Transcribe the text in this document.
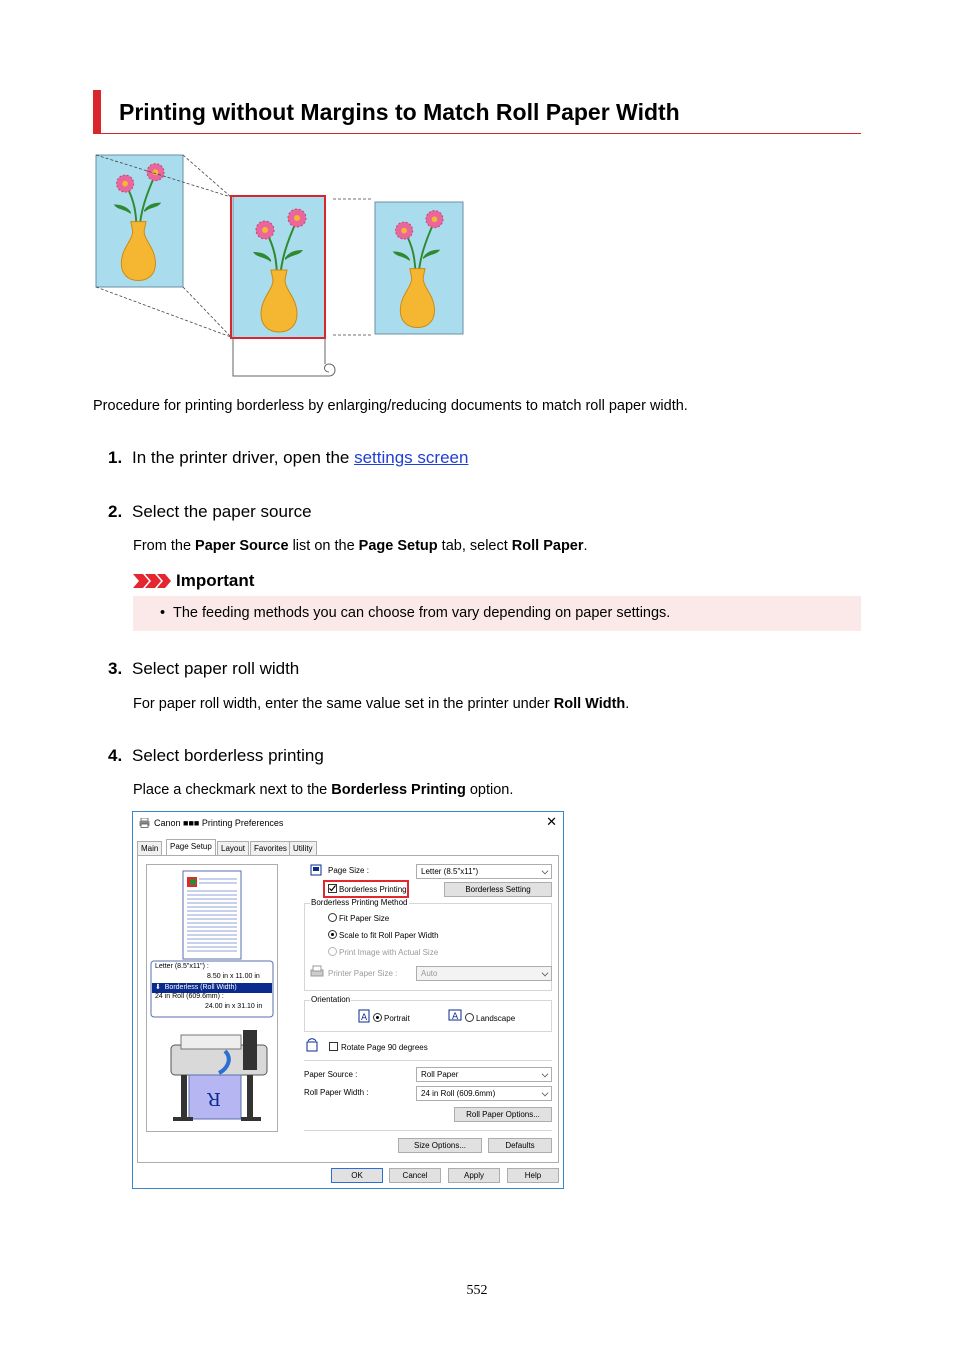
Printing without Margins to Match Roll Paper Width
Procedure for printing borderless by enlarging/reducing documents to match roll paper width.
1. In the printer driver, open the settings screen
2. Select the paper source
From the Paper Source list on the Page Setup tab, select Roll Paper.
Important
• The feeding methods you can choose from vary depending on paper settings.
3. Select paper roll width
For paper roll width, enter the same value set in the printer under Roll Width.
4. Select borderless printing
Place a checkmark next to the Borderless Printing option.
Canon ■■■ Printing Preferences	✕
Main	Page Setup	Layout	Favorites Utility
R
Letter (8.5"x11") :
8.50 in x 11.00 in
⬇  Borderless (Roll Width)
24 in Roll (609.6mm) :
24.00 in x 31.10 in
Page Size :	Letter (8.5"x11")
Borderless Printing	Borderless Setting
Borderless Printing Method
Fit Paper Size
Scale to fit Roll Paper Width
Print Image with Actual Size
Printer Paper Size :	Auto
Orientation
A Portrait	A Landscape
Rotate Page 90 degrees
Paper Source :	Roll Paper
Roll Paper Width :	24 in Roll (609.6mm)
Roll Paper Options...
Size Options...	Defaults
OK	Cancel	Apply	Help
552
